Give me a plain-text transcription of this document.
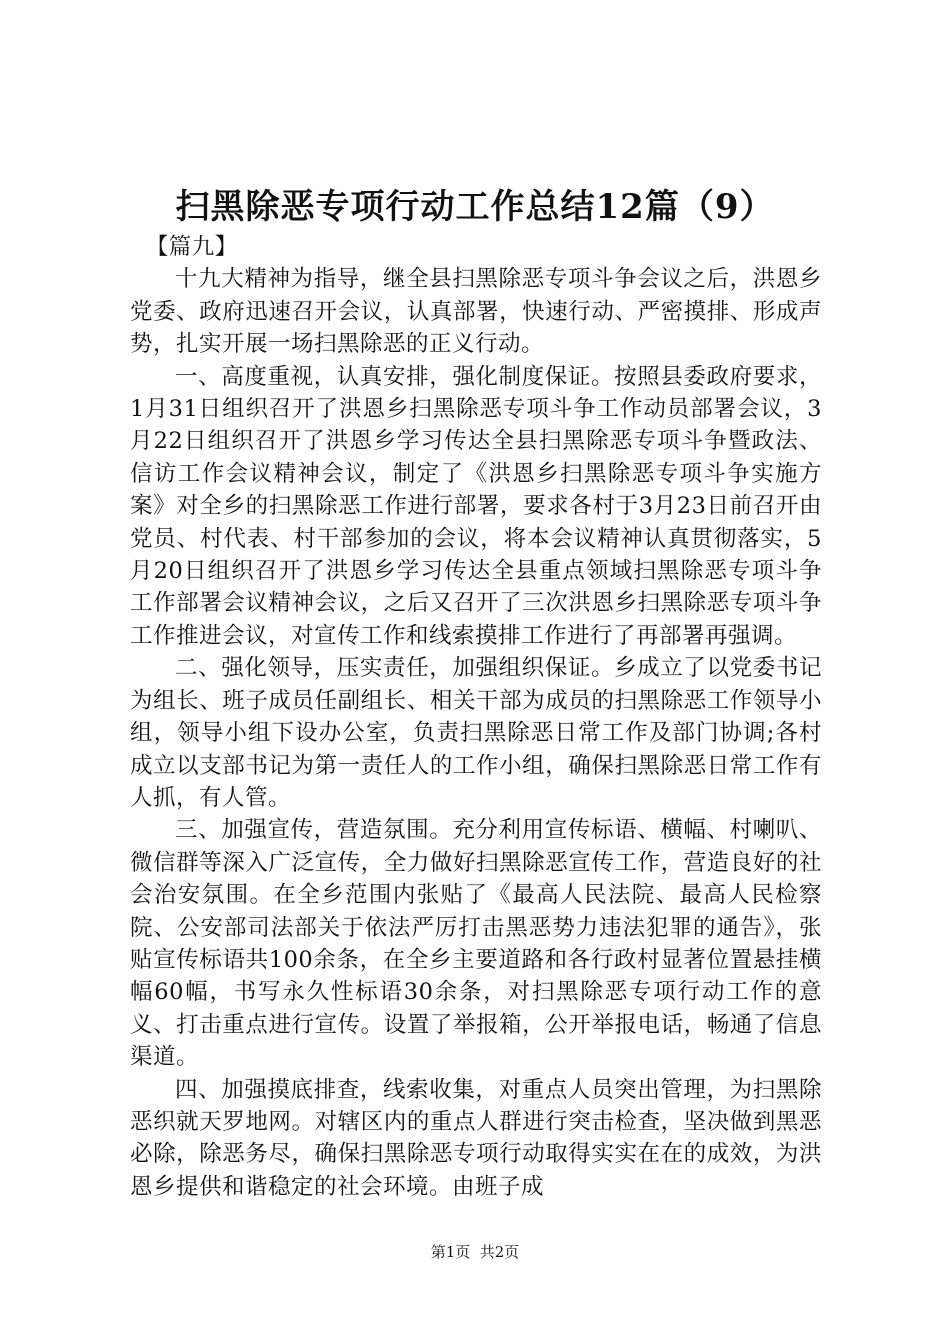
扫黑除恶专项行动工作总结12篇（9）

【篇九】

十九大精神为指导，继全县扫黑除恶专项斗争会议之后，洪恩乡党委、政府迅速召开会议，认真部署，快速行动、严密摸排、形成声势，扎实开展一场扫黑除恶的正义行动。

一、高度重视，认真安排，强化制度保证。按照县委政府要求，1月31日组织召开了洪恩乡扫黑除恶专项斗争工作动员部署会议，3月22日组织召开了洪恩乡学习传达全县扫黑除恶专项斗争暨政法、信访工作会议精神会议，制定了《洪恩乡扫黑除恶专项斗争实施方案》对全乡的扫黑除恶工作进行部署，要求各村于3月23日前召开由党员、村代表、村干部参加的会议，将本会议精神认真贯彻落实，5月20日组织召开了洪恩乡学习传达全县重点领域扫黑除恶专项斗争工作部署会议精神会议，之后又召开了三次洪恩乡扫黑除恶专项斗争工作推进会议，对宣传工作和线索摸排工作进行了再部署再强调。

二、强化领导，压实责任，加强组织保证。乡成立了以党委书记为组长、班子成员任副组长、相关干部为成员的扫黑除恶工作领导小组，领导小组下设办公室，负责扫黑除恶日常工作及部门协调;各村成立以支部书记为第一责任人的工作小组，确保扫黑除恶日常工作有人抓，有人管。

三、加强宣传，营造氛围。充分利用宣传标语、横幅、村喇叭、微信群等深入广泛宣传，全力做好扫黑除恶宣传工作，营造良好的社会治安氛围。在全乡范围内张贴了《最高人民法院、最高人民检察院、公安部司法部关于依法严厉打击黑恶势力违法犯罪的通告》，张贴宣传标语共100余条，在全乡主要道路和各行政村显著位置悬挂横幅60幅，书写永久性标语30余条，对扫黑除恶专项行动工作的意义、打击重点进行宣传。设置了举报箱，公开举报电话，畅通了信息渠道。

四、加强摸底排查，线索收集，对重点人员突出管理，为扫黑除恶织就天罗地网。对辖区内的重点人群进行突击检查，坚决做到黑恶必除，除恶务尽，确保扫黑除恶专项行动取得实实在在的成效，为洪恩乡提供和谐稳定的社会环境。由班子成

第1页  共2页
